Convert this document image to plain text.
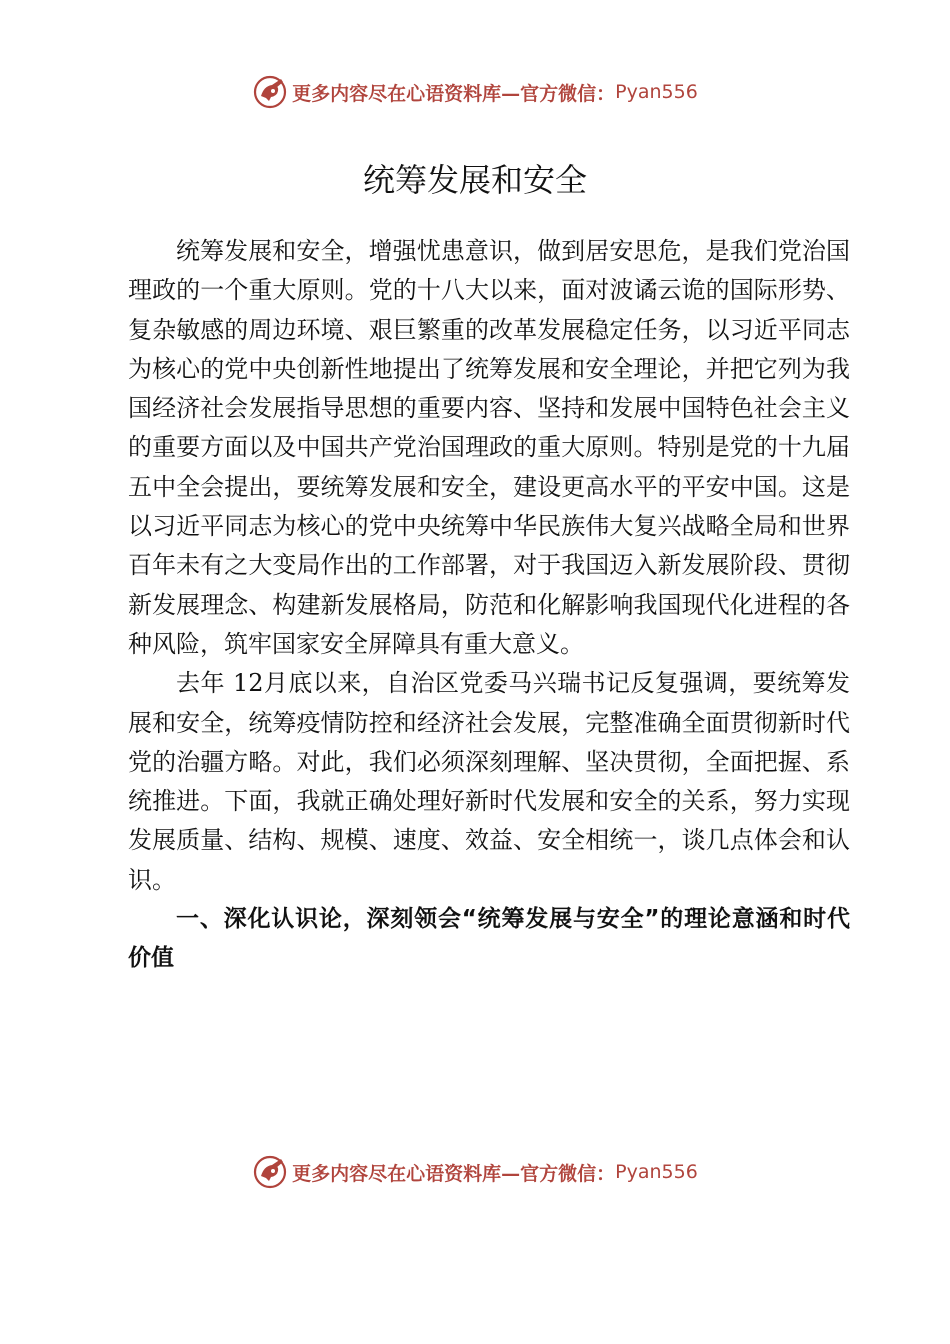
更多内容尽在心语资料库—官方微信： Pyan556
统筹发展和安全

统筹发展和安全，增强忧患意识，做到居安思危，是我们党治国理政的一个重大原则。党的十八大以来，面对波谲云诡的国际形势、复杂敏感的周边环境、艰巨繁重的改革发展稳定任务，以习近平同志为核心的党中央创新性地提出了统筹发展和安全理论，并把它列为我国经济社会发展指导思想的重要内容、坚持和发展中国特色社会主义的重要方面以及中国共产党治国理政的重大原则。特别是党的十九届五中全会提出，要统筹发展和安全，建设更高水平的平安中国。这是以习近平同志为核心的党中央统筹中华民族伟大复兴战略全局和世界百年未有之大变局作出的工作部署，对于我国迈入新发展阶段、贯彻新发展理念、构建新发展格局，防范和化解影响我国现代化进程的各种风险，筑牢国家安全屏障具有重大意义。

去年 12月底以来，自治区党委马兴瑞书记反复强调，要统筹发展和安全，统筹疫情防控和经济社会发展，完整准确全面贯彻新时代党的治疆方略。对此，我们必须深刻理解、坚决贯彻，全面把握、系统推进。下面，我就正确处理好新时代发展和安全的关系，努力实现发展质量、结构、规模、速度、效益、安全相统一，谈几点体会和认识。

一、深化认识论，深刻领会“统筹发展与安全”的理论意涵和时代价值

更多内容尽在心语资料库—官方微信： Pyan556
